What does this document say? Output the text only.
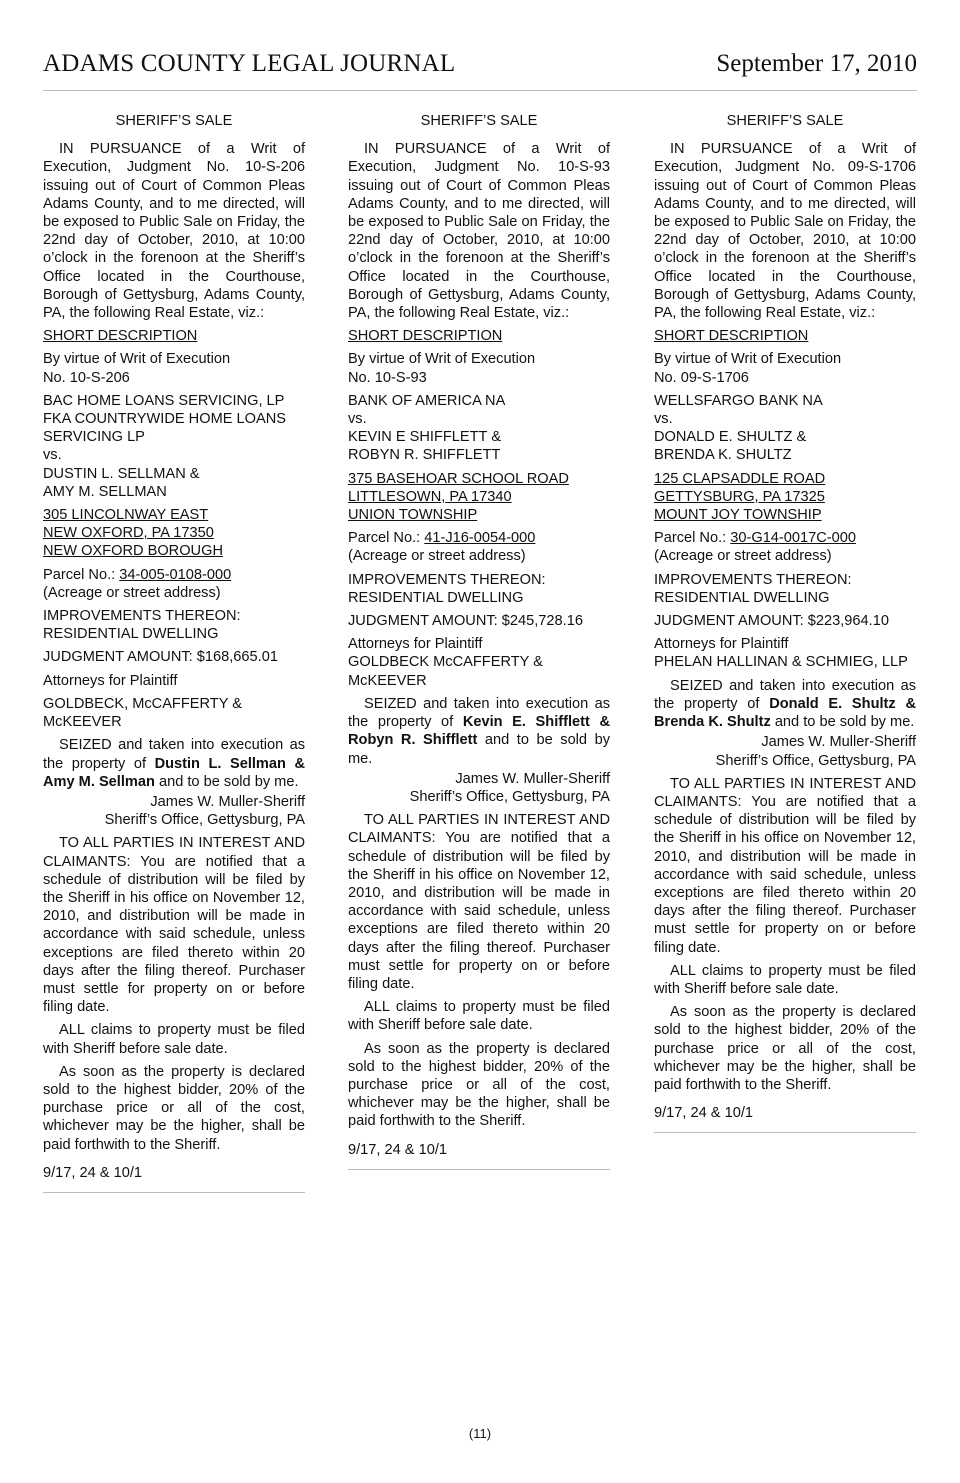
ADAMS COUNTY LEGAL JOURNAL	September 17, 2010

SHERIFF’S SALE

IN PURSUANCE of a Writ of Execution, Judgment No. 10-S-206 issuing out of Court of Common Pleas Adams County, and to me directed, will be exposed to Public Sale on Friday, the 22nd day of October, 2010, at 10:00 o’clock in the forenoon at the Sheriff’s Office located in the Courthouse, Borough of Gettysburg, Adams County, PA, the following Real Estate, viz.:

SHORT DESCRIPTION

By virtue of Writ of Execution
No. 10-S-206

BAC HOME LOANS SERVICING, LP
FKA COUNTRYWIDE HOME LOANS
SERVICING LP
vs.
DUSTIN L. SELLMAN &
AMY M. SELLMAN

305 LINCOLNWAY EAST
NEW OXFORD, PA 17350
NEW OXFORD BOROUGH

Parcel No.: 34-005-0108-000
(Acreage or street address)

IMPROVEMENTS THEREON:
RESIDENTIAL DWELLING

JUDGMENT AMOUNT: $168,665.01

Attorneys for Plaintiff

GOLDBECK, McCAFFERTY &
McKEEVER

SEIZED and taken into execution as the property of Dustin L. Sellman & Amy M. Sellman and to be sold by me.

James W. Muller-Sheriff
Sheriff’s Office, Gettysburg, PA

TO ALL PARTIES IN INTEREST AND CLAIMANTS: You are notified that a schedule of distribution will be filed by the Sheriff in his office on November 12, 2010, and distribution will be made in accordance with said schedule, unless exceptions are filed thereto within 20 days after the filing thereof. Purchaser must settle for property on or before filing date.

ALL claims to property must be filed with Sheriff before sale date.

As soon as the property is declared sold to the highest bidder, 20% of the purchase price or all of the cost, whichever may be the higher, shall be paid forthwith to the Sheriff.

9/17, 24 & 10/1

SHERIFF’S SALE

IN PURSUANCE of a Writ of Execution, Judgment No. 10-S-93 issuing out of Court of Common Pleas Adams County, and to me directed, will be exposed to Public Sale on Friday, the 22nd day of October, 2010, at 10:00 o’clock in the forenoon at the Sheriff’s Office located in the Courthouse, Borough of Gettysburg, Adams County, PA, the following Real Estate, viz.:

SHORT DESCRIPTION

By virtue of Writ of Execution
No. 10-S-93

BANK OF AMERICA NA
vs.
KEVIN E SHIFFLETT &
ROBYN R. SHIFFLETT

375 BASEHOAR SCHOOL ROAD
LITTLESOWN, PA 17340
UNION TOWNSHIP

Parcel No.: 41-J16-0054-000
(Acreage or street address)

IMPROVEMENTS THEREON:
RESIDENTIAL DWELLING

JUDGMENT AMOUNT: $245,728.16

Attorneys for Plaintiff
GOLDBECK McCAFFERTY &
McKEEVER

SEIZED and taken into execution as the property of Kevin E. Shifflett & Robyn R. Shifflett and to be sold by me.

James W. Muller-Sheriff
Sheriff’s Office, Gettysburg, PA

TO ALL PARTIES IN INTEREST AND CLAIMANTS: You are notified that a schedule of distribution will be filed by the Sheriff in his office on November 12, 2010, and distribution will be made in accordance with said schedule, unless exceptions are filed thereto within 20 days after the filing thereof. Purchaser must settle for property on or before filing date.

ALL claims to property must be filed with Sheriff before sale date.

As soon as the property is declared sold to the highest bidder, 20% of the purchase price or all of the cost, whichever may be the higher, shall be paid forthwith to the Sheriff.

9/17, 24 & 10/1

SHERIFF’S SALE

IN PURSUANCE of a Writ of Execution, Judgment No. 09-S-1706 issuing out of Court of Common Pleas Adams County, and to me directed, will be exposed to Public Sale on Friday, the 22nd day of October, 2010, at 10:00 o’clock in the forenoon at the Sheriff’s Office located in the Courthouse, Borough of Gettysburg, Adams County, PA, the following Real Estate, viz.:

SHORT DESCRIPTION

By virtue of Writ of Execution
No. 09-S-1706

WELLSFARGO BANK NA
vs.
DONALD E. SHULTZ &
BRENDA K. SHULTZ

125 CLAPSADDLE ROAD
GETTYSBURG, PA 17325
MOUNT JOY TOWNSHIP

Parcel No.: 30-G14-0017C-000
(Acreage or street address)

IMPROVEMENTS THEREON:
RESIDENTIAL DWELLING

JUDGMENT AMOUNT: $223,964.10

Attorneys for Plaintiff
PHELAN HALLINAN & SCHMIEG, LLP

SEIZED and taken into execution as the property of Donald E. Shultz & Brenda K. Shultz and to be sold by me.

James W. Muller-Sheriff
Sheriff’s Office, Gettysburg, PA

TO ALL PARTIES IN INTEREST AND CLAIMANTS: You are notified that a schedule of distribution will be filed by the Sheriff in his office on November 12, 2010, and distribution will be made in accordance with said schedule, unless exceptions are filed thereto within 20 days after the filing thereof. Purchaser must settle for property on or before filing date.

ALL claims to property must be filed with Sheriff before sale date.

As soon as the property is declared sold to the highest bidder, 20% of the purchase price or all of the cost, whichever may be the higher, shall be paid forthwith to the Sheriff.

9/17, 24 & 10/1

(11)
